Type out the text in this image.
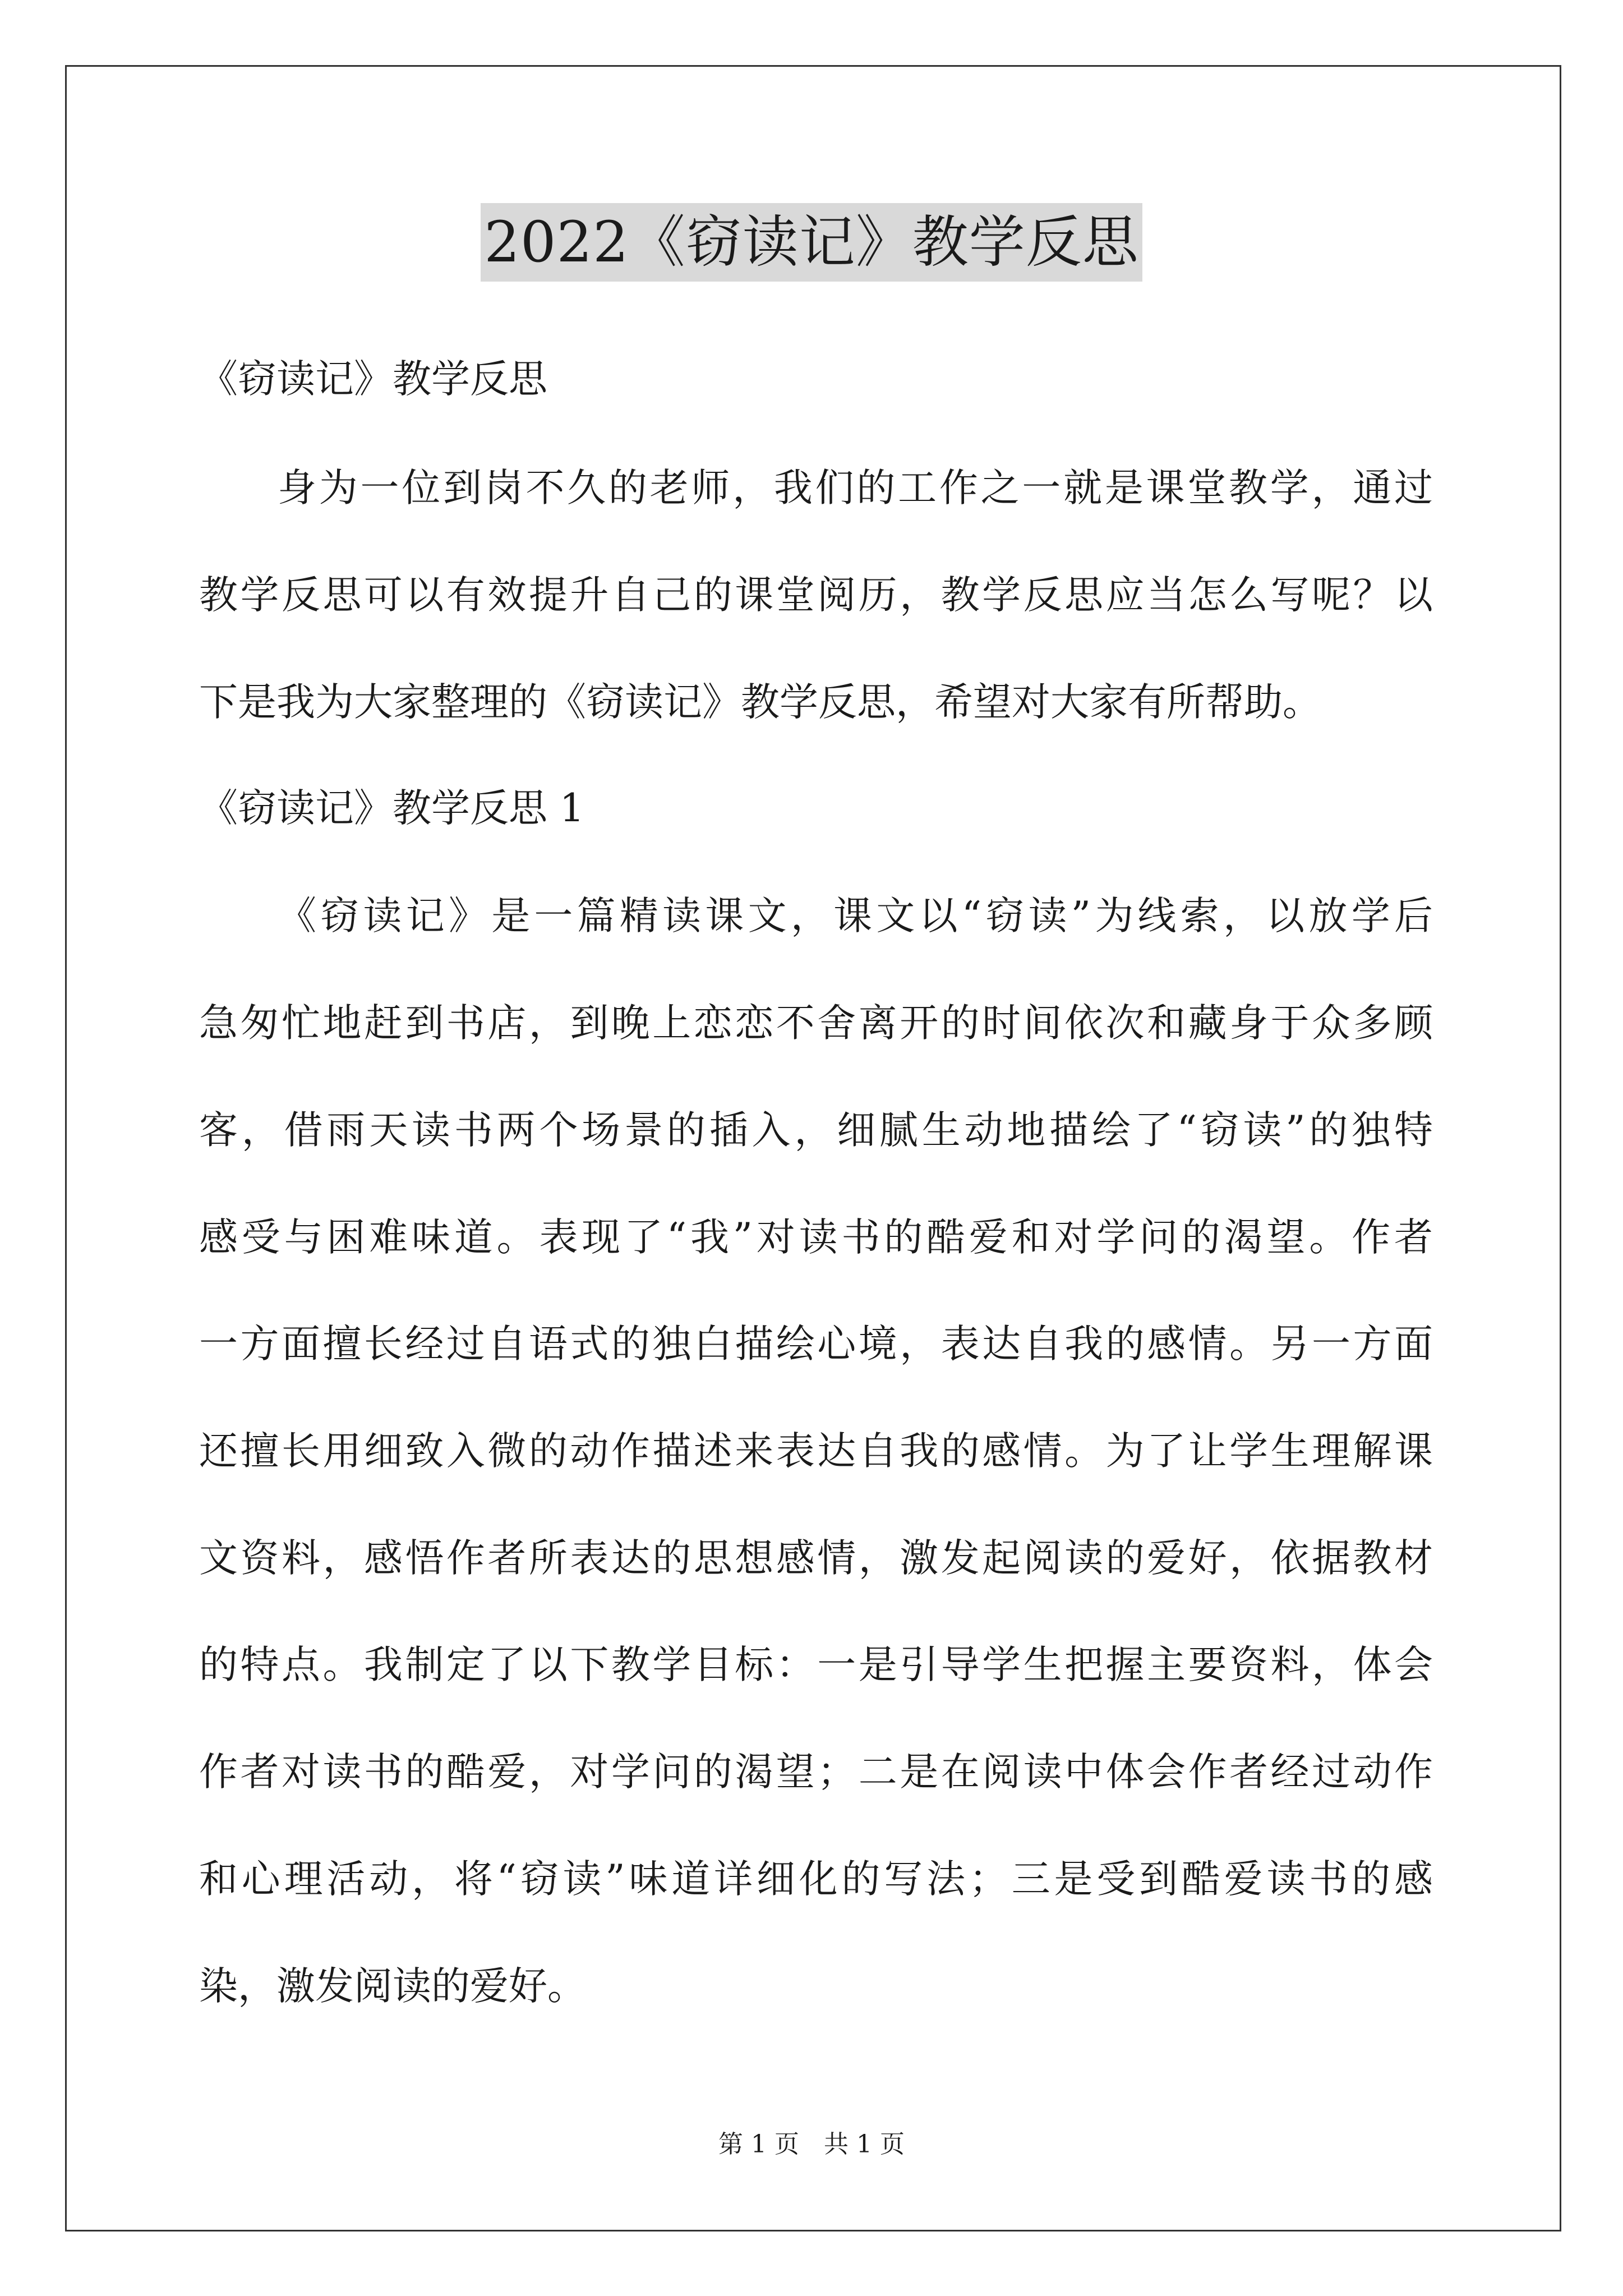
2022《窃读记》教学反思
《窃读记》教学反思
身为一位到岗不久的老师，我们的工作之一就是课堂教学，通过
教学反思可以有效提升自己的课堂阅历，教学反思应当怎么写呢？以
下是我为大家整理的《窃读记》教学反思，希望对大家有所帮助。
《窃读记》教学反思 1
《窃读记》是一篇精读课文，课文以“窃读”为线索，以放学后
急匆忙地赶到书店，到晚上恋恋不舍离开的时间依次和藏身于众多顾
客，借雨天读书两个场景的插入，细腻生动地描绘了“窃读”的独特
感受与困难味道。表现了“我”对读书的酷爱和对学问的渴望。作者
一方面擅长经过自语式的独白描绘心境，表达自我的感情。另一方面
还擅长用细致入微的动作描述来表达自我的感情。为了让学生理解课
文资料，感悟作者所表达的思想感情，激发起阅读的爱好，依据教材
的特点。我制定了以下教学目标：一是引导学生把握主要资料，体会
作者对读书的酷爱，对学问的渴望；二是在阅读中体会作者经过动作
和心理活动，将“窃读”味道详细化的写法；三是受到酷爱读书的感
染，激发阅读的爱好。
第 1 页　共 1 页
